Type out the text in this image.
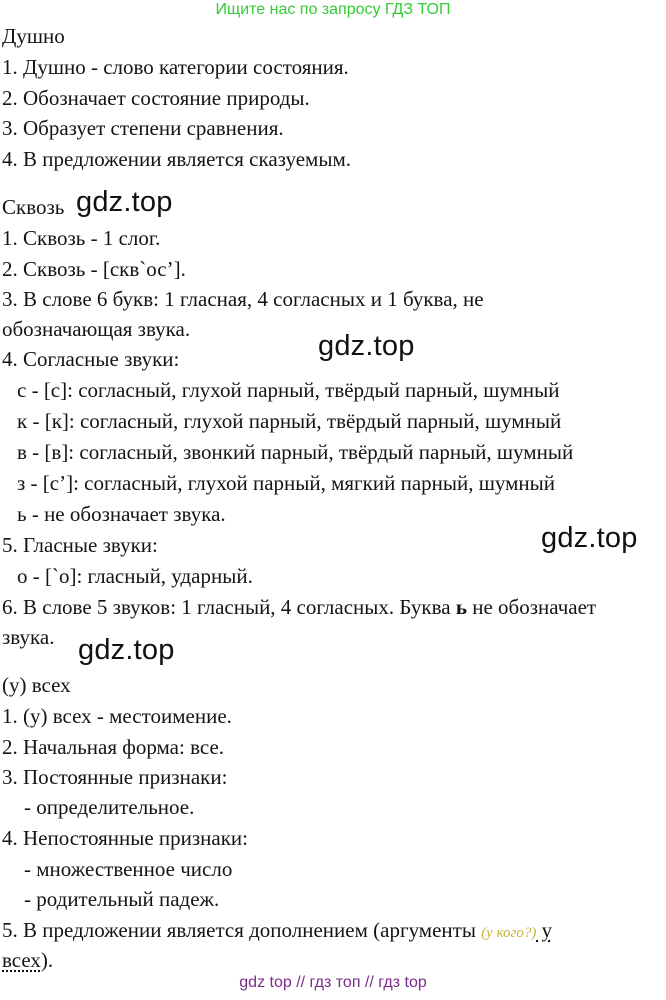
Ищите нас по запросу ГДЗ ТОП
Душно
1. Душно - слово категории состояния.
2. Обозначает состояние природы.
3. Образует степени сравнения.
4. В предложении является сказуемым.
Сквозь
1. Сквозь - 1 слог.
2. Сквозь - [скв`ос’].
3. В слове 6 букв: 1 гласная, 4 согласных и 1 буква, не
обозначающая звука.
4. Согласные звуки:
с - [с]: согласный, глухой парный, твёрдый парный, шумный
к - [к]: согласный, глухой парный, твёрдый парный, шумный
в - [в]: согласный, звонкий парный, твёрдый парный, шумный
з - [с’]: согласный, глухой парный, мягкий парный, шумный
ь - не обозначает звука.
5. Гласные звуки:
о - [`о]: гласный, ударный.
6. В слове 5 звуков: 1 гласный, 4 согласных. Буква ь не обозначает
звука.
(у) всех
1. (у) всех - местоимение.
2. Начальная форма: все.
3. Постоянные признаки:
- определительное.
4. Непостоянные признаки:
- множественное число
- родительный падеж.
5. В предложении является дополнением (аргументы (у кого?) у
всех).
gdz.top
gdz.top
gdz.top
gdz.top
gdz top // гдз топ // гдз top
